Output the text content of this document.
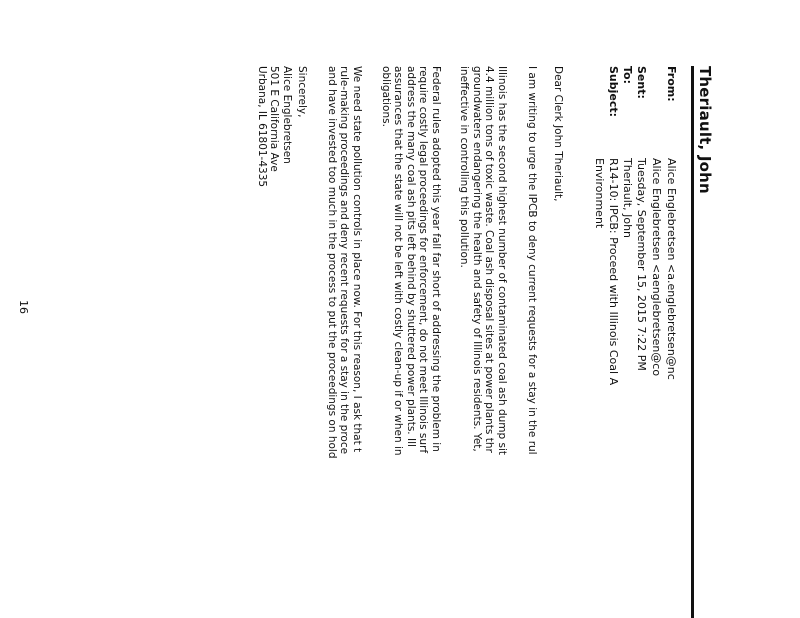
Theriault, John
From:
Alice Englebretsen <a.englebretsen@nc
Alice Englebretsen <aenglebretsen@co
Sent:
Tuesday, September 15, 2015 7:22 PM
To:
Theriault, John
Subject:
R14-10: IPCB: Proceed with Illinois Coal A
Environment
Dear Clerk John Theriault,
I am writing to urge the IPCB to deny current requests for a stay in the rul
Illinois has the second highest number of contaminated coal ash dump sit
4.4 million tons of toxic waste. Coal ash disposal sites at power plants thr
groundwaters endangering the health and safety of Illinois residents. Yet,
ineffective in controlling this pollution.
Federal rules adopted this year fall far short of addressing the problem in
require costly legal proceedings for enforcement, do not meet Illinois surf
address the many coal ash pits left behind by shuttered power plants. Ill
assurances that the state will not be left with costly clean-up if or when in
obligations.
We need state pollution controls in place now. For this reason, I ask that t
rule-making proceedings and deny recent requests for a stay in the proce
and have invested too much in the process to put the proceedings on hold
Sincerely,
Alice Englebretsen
501 E California Ave
Urbana, IL 61801-4335
16
